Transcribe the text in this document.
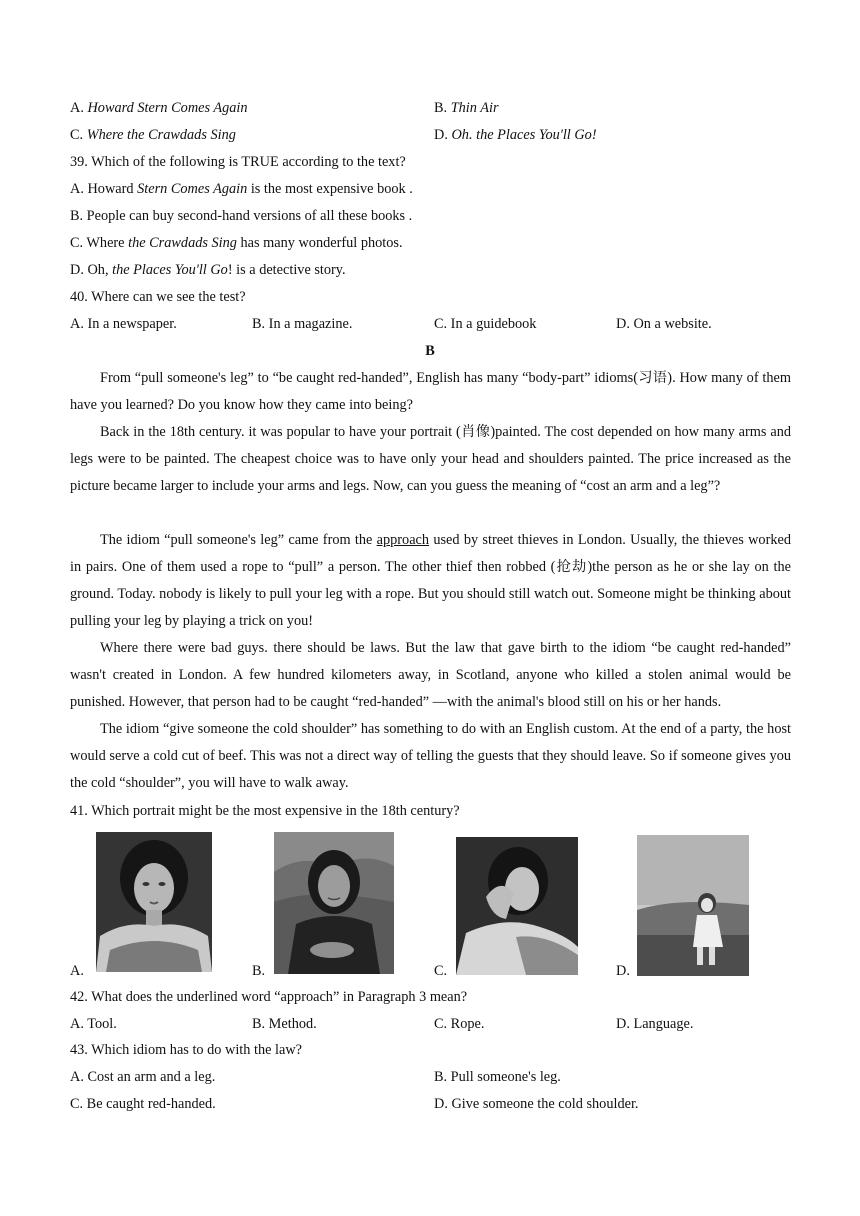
A. Howard Stern Comes Again	B. Thin Air
C. Where the Crawdads Sing	D. Oh. the Places You'll Go!
39. Which of the following is TRUE according to the text?
A. Howard Stern Comes Again is the most expensive book .
B. People can buy second-hand versions of all these books .
C. Where the Crawdads Sing has many wonderful photos.
D. Oh, the Places You'll Go! is a detective story.
40. Where can we see the test?
A. In a newspaper.	B. In a magazine.	C. In a guidebook	D. On a website.
B
From “pull someone's leg” to “be caught red-handed”, English has many “body-part” idioms(习语). How many of them have you learned? Do you know how they came into being?
Back in the 18th century. it was popular to have your portrait (肖像)painted. The cost depended on how many arms and legs were to be painted. The cheapest choice was to have only your head and shoulders painted. The price increased as the picture became larger to include your arms and legs. Now, can you guess the meaning of “cost an arm and a leg”?
The idiom “pull someone's leg” came from the approach used by street thieves in London. Usually, the thieves worked in pairs. One of them used a rope to “pull” a person. The other thief then robbed (抢劫)the person as he or she lay on the ground. Today. nobody is likely to pull your leg with a rope. But you should still watch out. Someone might be thinking about pulling your leg by playing a trick on you!
Where there were bad guys. there should be laws. But the law that gave birth to the idiom “be caught red-handed” wasn't created in London. A few hundred kilometers away, in Scotland, anyone who killed a stolen animal would be punished. However, that person had to be caught “red-handed” —with the animal's blood still on his or her hands.
The idiom “give someone the cold shoulder” has something to do with an English custom. At the end of a party, the host would serve a cold cut of beef. This was not a direct way of telling the guests that they should leave. So if someone gives you the cold “shoulder”, you will have to walk away.
41. Which portrait might be the most expensive in the 18th century?
A.	B.	C.	D.
42. What does the underlined word “approach” in Paragraph 3 mean?
A. Tool.	B. Method.	C. Rope.	D. Language.
43. Which idiom has to do with the law?
A. Cost an arm and a leg.	B. Pull someone's leg.
C. Be caught red-handed.	D. Give someone the cold shoulder.
